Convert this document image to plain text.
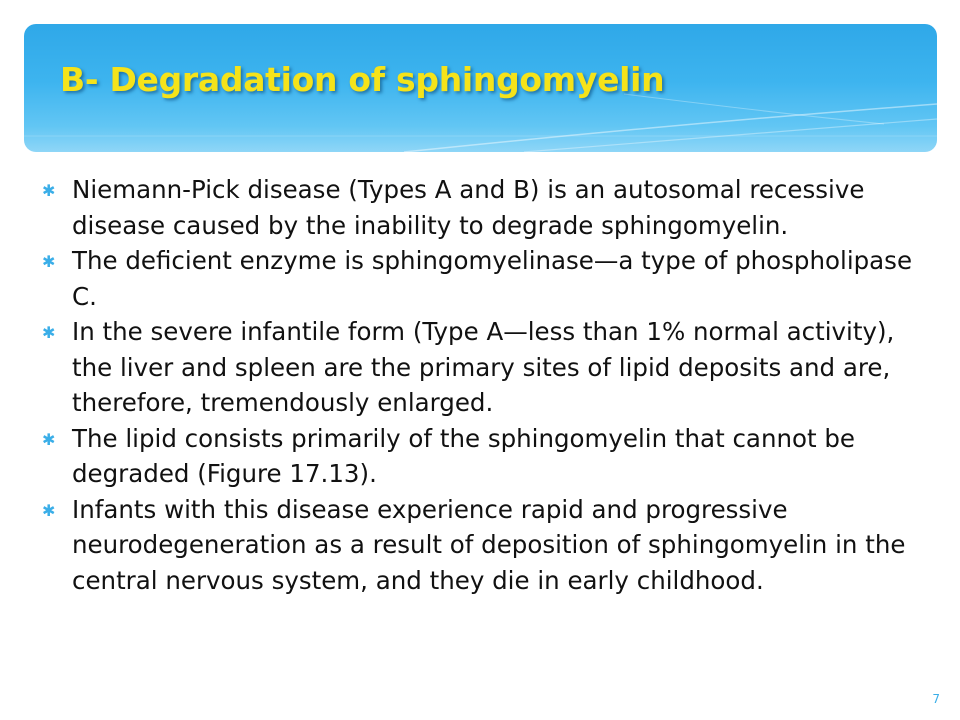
B- Degradation of sphingomyelin
✱ Niemann-Pick disease (Types A and B) is an autosomal recessive disease caused by the inability to degrade sphingomyelin.
✱ The deficient enzyme is sphingomyelinase—a type of phospholipase C.
✱ In the severe infantile form (Type A—less than 1% normal activity), the liver and spleen are the primary sites of lipid deposits and are, therefore, tremendously enlarged.
✱ The lipid consists primarily of the sphingomyelin that cannot be degraded (Figure 17.13).
✱ Infants with this disease experience rapid and progressive neurodegeneration as a result of deposition of sphingomyelin in the central nervous system, and they die in early childhood.
7
